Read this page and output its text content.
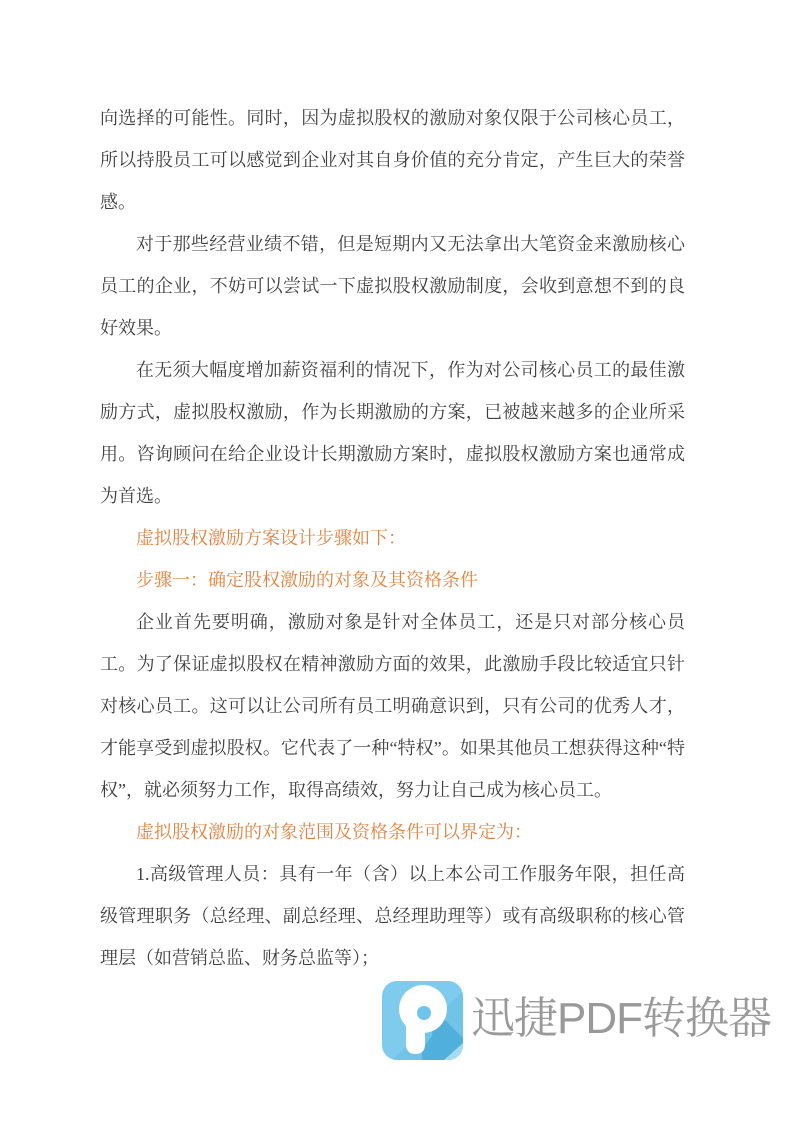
向选择的可能性。同时，因为虚拟股权的激励对象仅限于公司核心员工，所以持股员工可以感觉到企业对其自身价值的充分肯定，产生巨大的荣誉感。

对于那些经营业绩不错，但是短期内又无法拿出大笔资金来激励核心员工的企业，不妨可以尝试一下虚拟股权激励制度，会收到意想不到的良好效果。

在无须大幅度增加薪资福利的情况下，作为对公司核心员工的最佳激励方式，虚拟股权激励，作为长期激励的方案，已被越来越多的企业所采用。咨询顾问在给企业设计长期激励方案时，虚拟股权激励方案也通常成为首选。

虚拟股权激励方案设计步骤如下：

步骤一：确定股权激励的对象及其资格条件

企业首先要明确，激励对象是针对全体员工，还是只对部分核心员工。为了保证虚拟股权在精神激励方面的效果，此激励手段比较适宜只针对核心员工。这可以让公司所有员工明确意识到，只有公司的优秀人才，才能享受到虚拟股权。它代表了一种“特权”。如果其他员工想获得这种“特权”，就必须努力工作，取得高绩效，努力让自己成为核心员工。

虚拟股权激励的对象范围及资格条件可以界定为：

1.高级管理人员：具有一年（含）以上本公司工作服务年限，担任高级管理职务（总经理、副总经理、总经理助理等）或有高级职称的核心管理层（如营销总监、财务总监等）；

迅捷PDF转换器
